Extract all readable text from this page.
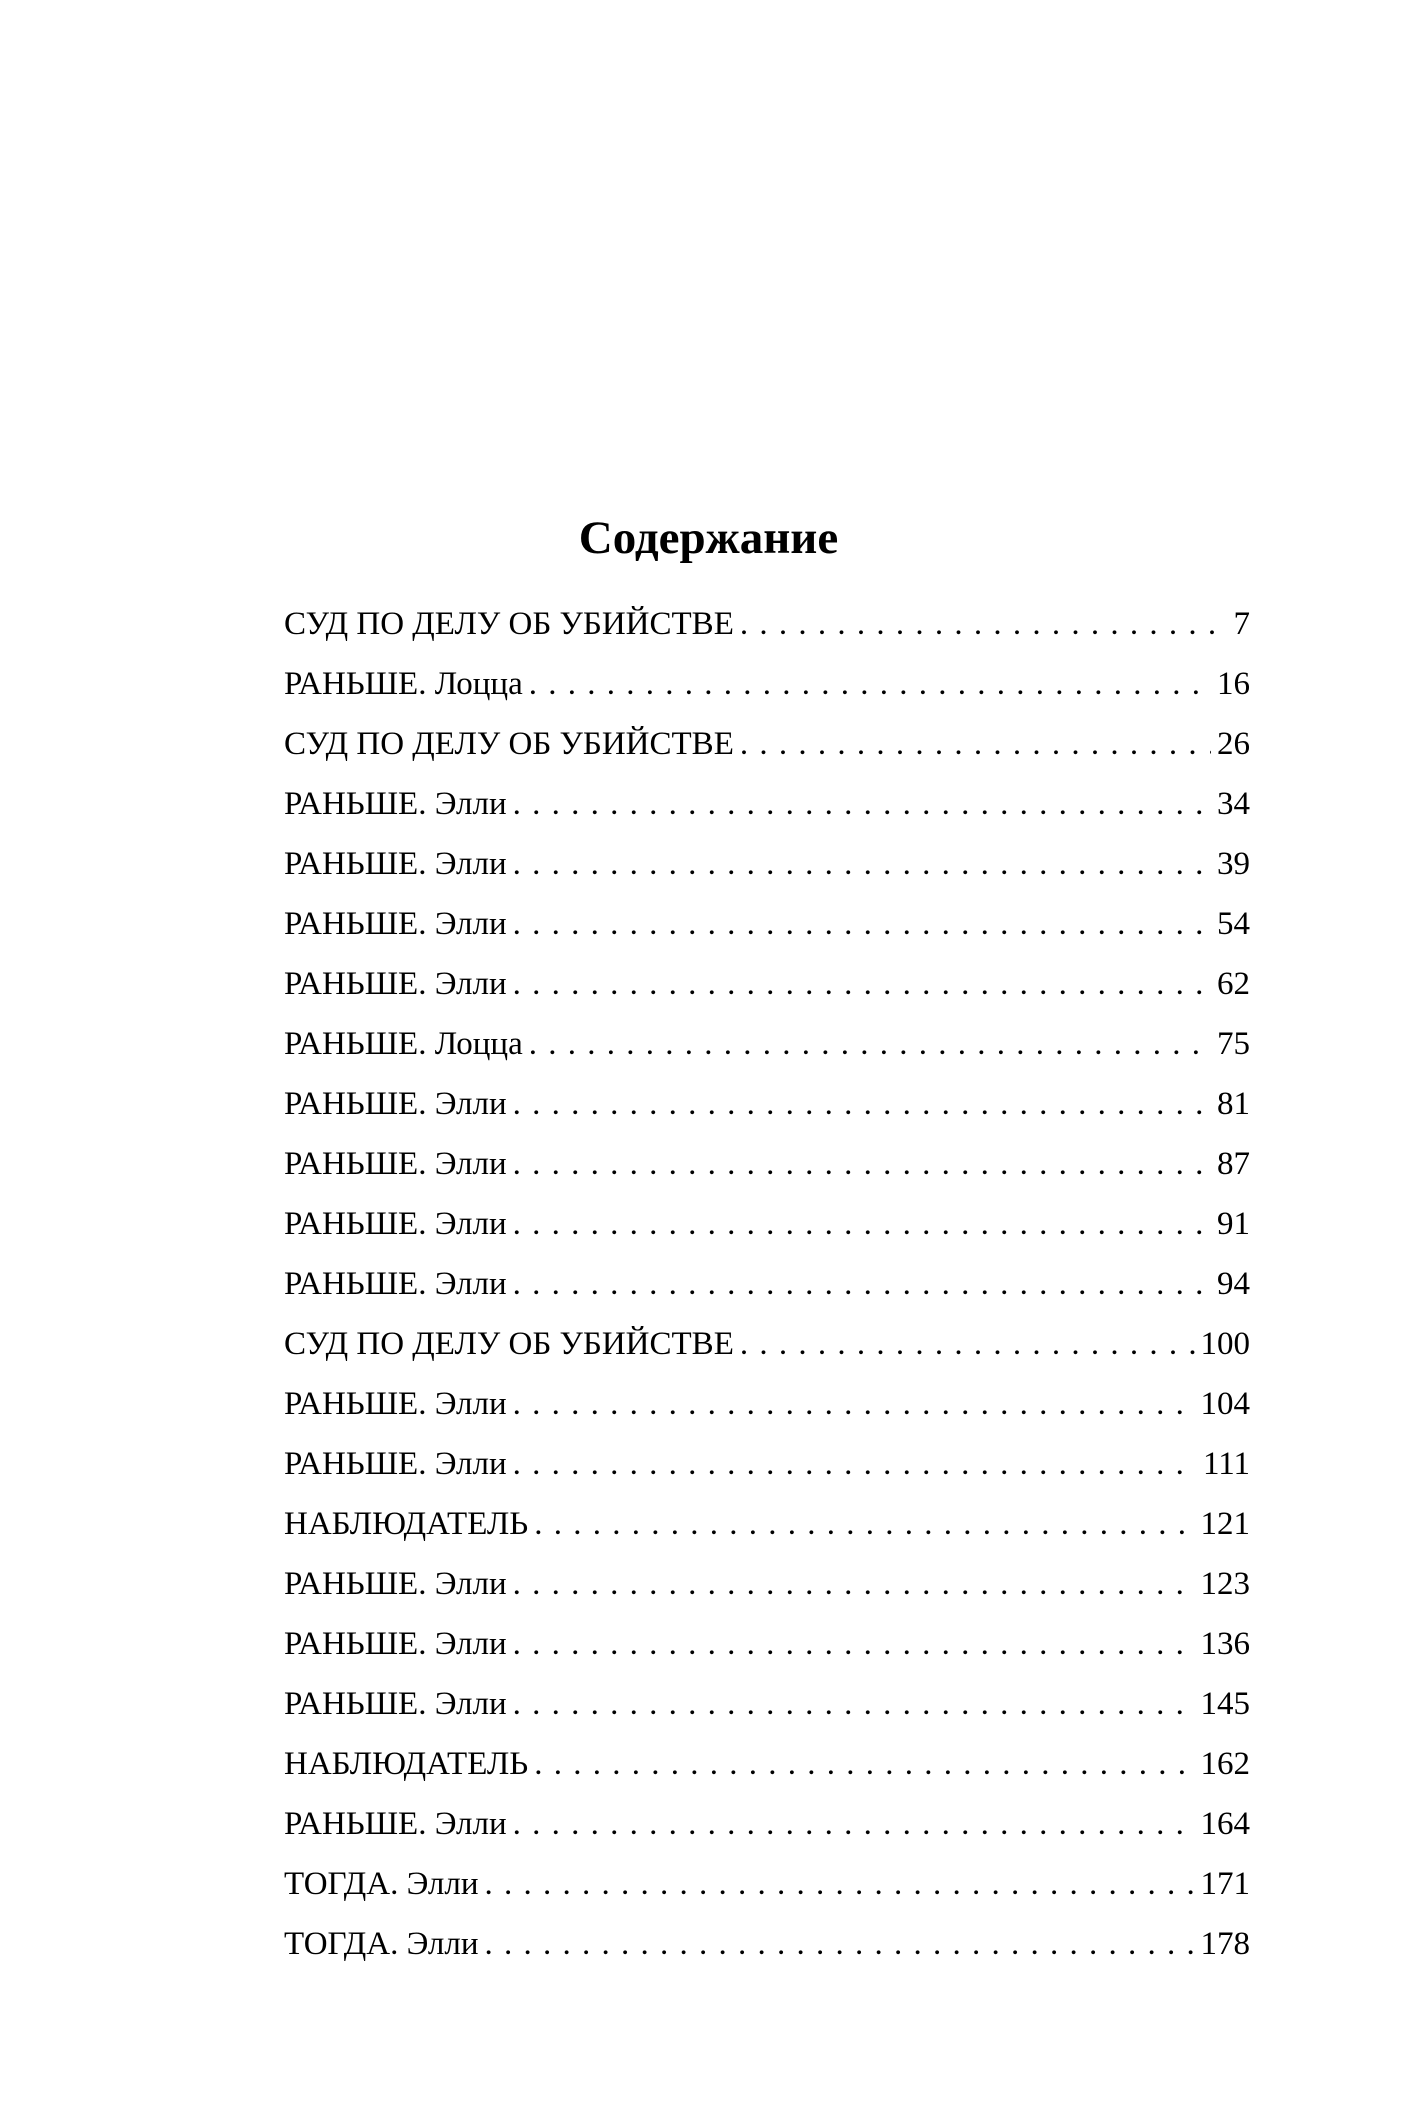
Содержание
СУД ПО ДЕЛУ ОБ УБИЙСТВЕ . . .	7
РАНЬШЕ. Лоцца . . .	16
СУД ПО ДЕЛУ ОБ УБИЙСТВЕ . . .	26
РАНЬШЕ. Элли . . .	34
РАНЬШЕ. Элли . . .	39
РАНЬШЕ. Элли . . .	54
РАНЬШЕ. Элли . . .	62
РАНЬШЕ. Лоцца . . .	75
РАНЬШЕ. Элли . . .	81
РАНЬШЕ. Элли . . .	87
РАНЬШЕ. Элли . . .	91
РАНЬШЕ. Элли . . .	94
СУД ПО ДЕЛУ ОБ УБИЙСТВЕ . . .	100
РАНЬШЕ. Элли . . .	104
РАНЬШЕ. Элли . . .	111
НАБЛЮДАТЕЛЬ . . .	121
РАНЬШЕ. Элли . . .	123
РАНЬШЕ. Элли . . .	136
РАНЬШЕ. Элли . . .	145
НАБЛЮДАТЕЛЬ . . .	162
РАНЬШЕ. Элли . . .	164
ТОГДА. Элли . . .	171
ТОГДА. Элли . . .	178
